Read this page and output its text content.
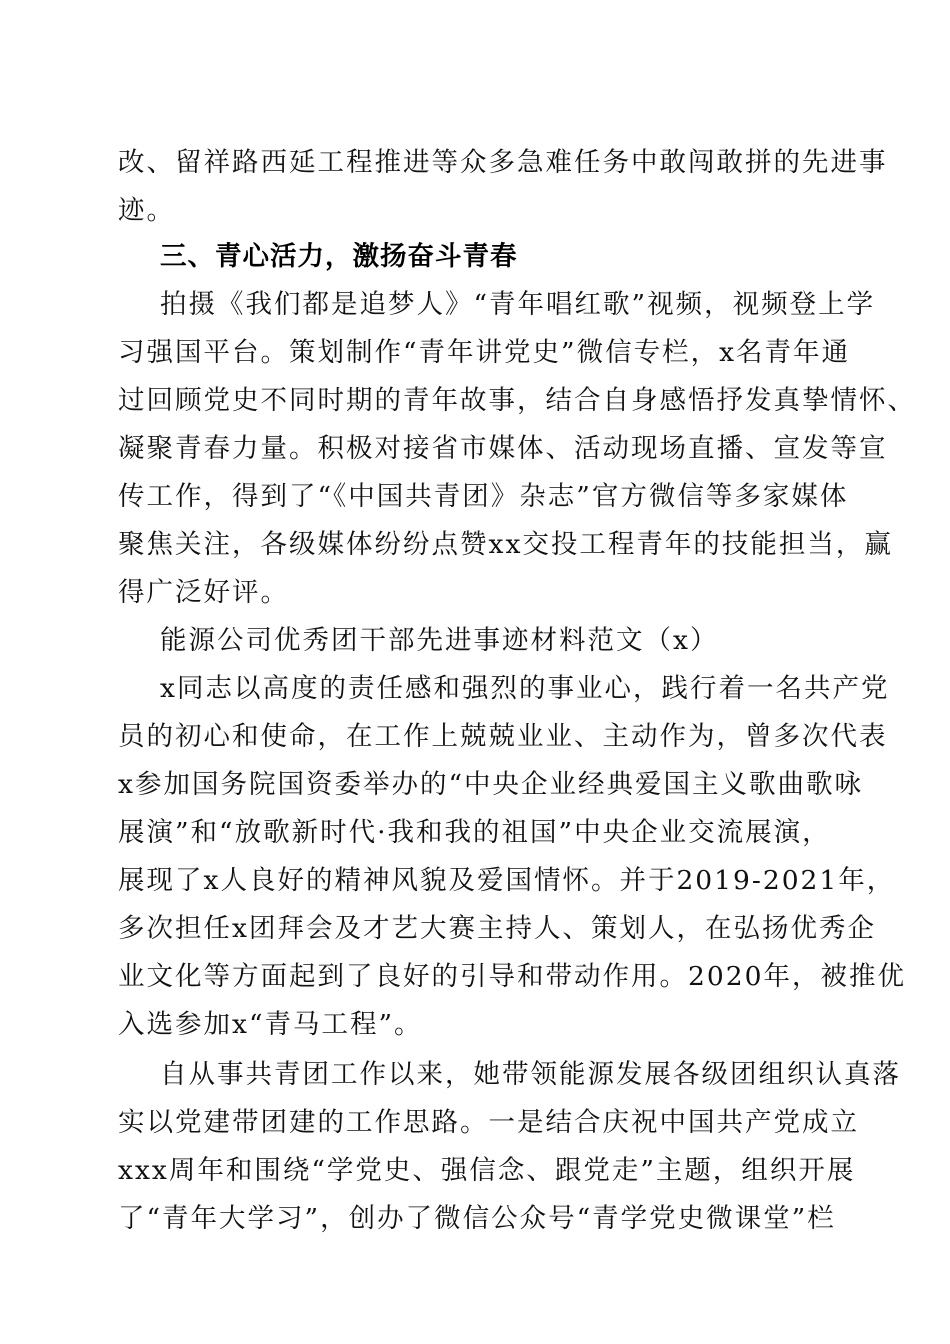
改、留祥路西延工程推进等众多急难任务中敢闯敢拼的先进事
迹。
三、青心活力，激扬奋斗青春
拍摄《我们都是追梦人》“青年唱红歌”视频，视频登上学
习强国平台。策划制作“青年讲党史”微信专栏，x名青年通
过回顾党史不同时期的青年故事，结合自身感悟抒发真挚情怀、
凝聚青春力量。积极对接省市媒体、活动现场直播、宣发等宣
传工作，得到了“《中国共青团》杂志”官方微信等多家媒体
聚焦关注，各级媒体纷纷点赞xx交投工程青年的技能担当，赢
得广泛好评。
能源公司优秀团干部先进事迹材料范文（x）
x同志以高度的责任感和强烈的事业心，践行着一名共产党
员的初心和使命，在工作上兢兢业业、主动作为，曾多次代表
x参加国务院国资委举办的“中央企业经典爱国主义歌曲歌咏
展演”和“放歌新时代·我和我的祖国”中央企业交流展演，
展现了x人良好的精神风貌及爱国情怀。并于2019-2021年，
多次担任x团拜会及才艺大赛主持人、策划人，在弘扬优秀企
业文化等方面起到了良好的引导和带动作用。2020年，被推优
入选参加x“青马工程”。
自从事共青团工作以来，她带领能源发展各级团组织认真落
实以党建带团建的工作思路。一是结合庆祝中国共产党成立
xxx周年和围绕“学党史、强信念、跟党走”主题，组织开展
了“青年大学习”，创办了微信公众号“青学党史微课堂”栏
